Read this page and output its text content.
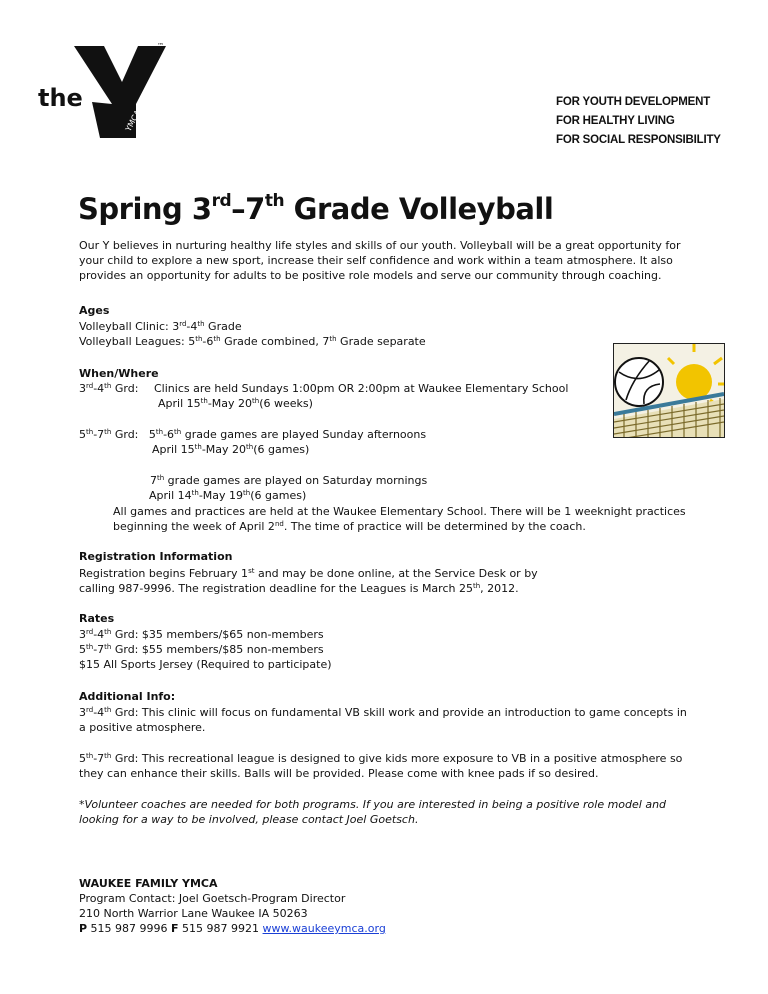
the
YMCA
™
FOR YOUTH DEVELOPMENT
FOR HEALTHY LIVING
FOR SOCIAL RESPONSIBILITY
Spring 3rd–7th Grade Volleyball
Our Y believes in nurturing healthy life styles and skills of our youth. Volleyball will be a great opportunity for your child to explore a new sport, increase their self confidence and work within a team atmosphere. It also provides an opportunity for adults to be positive role models and serve our community through coaching.
Ages
Volleyball Clinic: 3rd-4th Grade
Volleyball Leagues: 5th-6th Grade combined, 7th Grade separate
When/Where
3rd-4th Grd: Clinics are held Sundays 1:00pm OR 2:00pm at Waukee Elementary School
April 15th-May 20th(6 weeks)
5th-7th Grd: 5th-6th grade games are played Sunday afternoons
April 15th-May 20th(6 games)
7th grade games are played on Saturday mornings
April 14th-May 19th(6 games)
All games and practices are held at the Waukee Elementary School. There will be 1 weeknight practices
beginning the week of April 2nd. The time of practice will be determined by the coach.
Registration Information
Registration begins February 1st and may be done online, at the Service Desk or by
calling 987-9996. The registration deadline for the Leagues is March 25th, 2012.
Rates
3rd-4th Grd: $35 members/$65 non-members
5th-7th Grd: $55 members/$85 non-members
$15 All Sports Jersey (Required to participate)
Additional Info:
3rd-4th Grd: This clinic will focus on fundamental VB skill work and provide an introduction to game concepts in a positive atmosphere.
5th-7th Grd: This recreational league is designed to give kids more exposure to VB in a positive atmosphere so they can enhance their skills. Balls will be provided. Please come with knee pads if so desired.
*Volunteer coaches are needed for both programs. If you are interested in being a positive role model and looking for a way to be involved, please contact Joel Goetsch.
WAUKEE FAMILY YMCA
Program Contact: Joel Goetsch-Program Director
210 North Warrior Lane Waukee IA 50263
P 515 987 9996 F 515 987 9921 www.waukeeymca.org
